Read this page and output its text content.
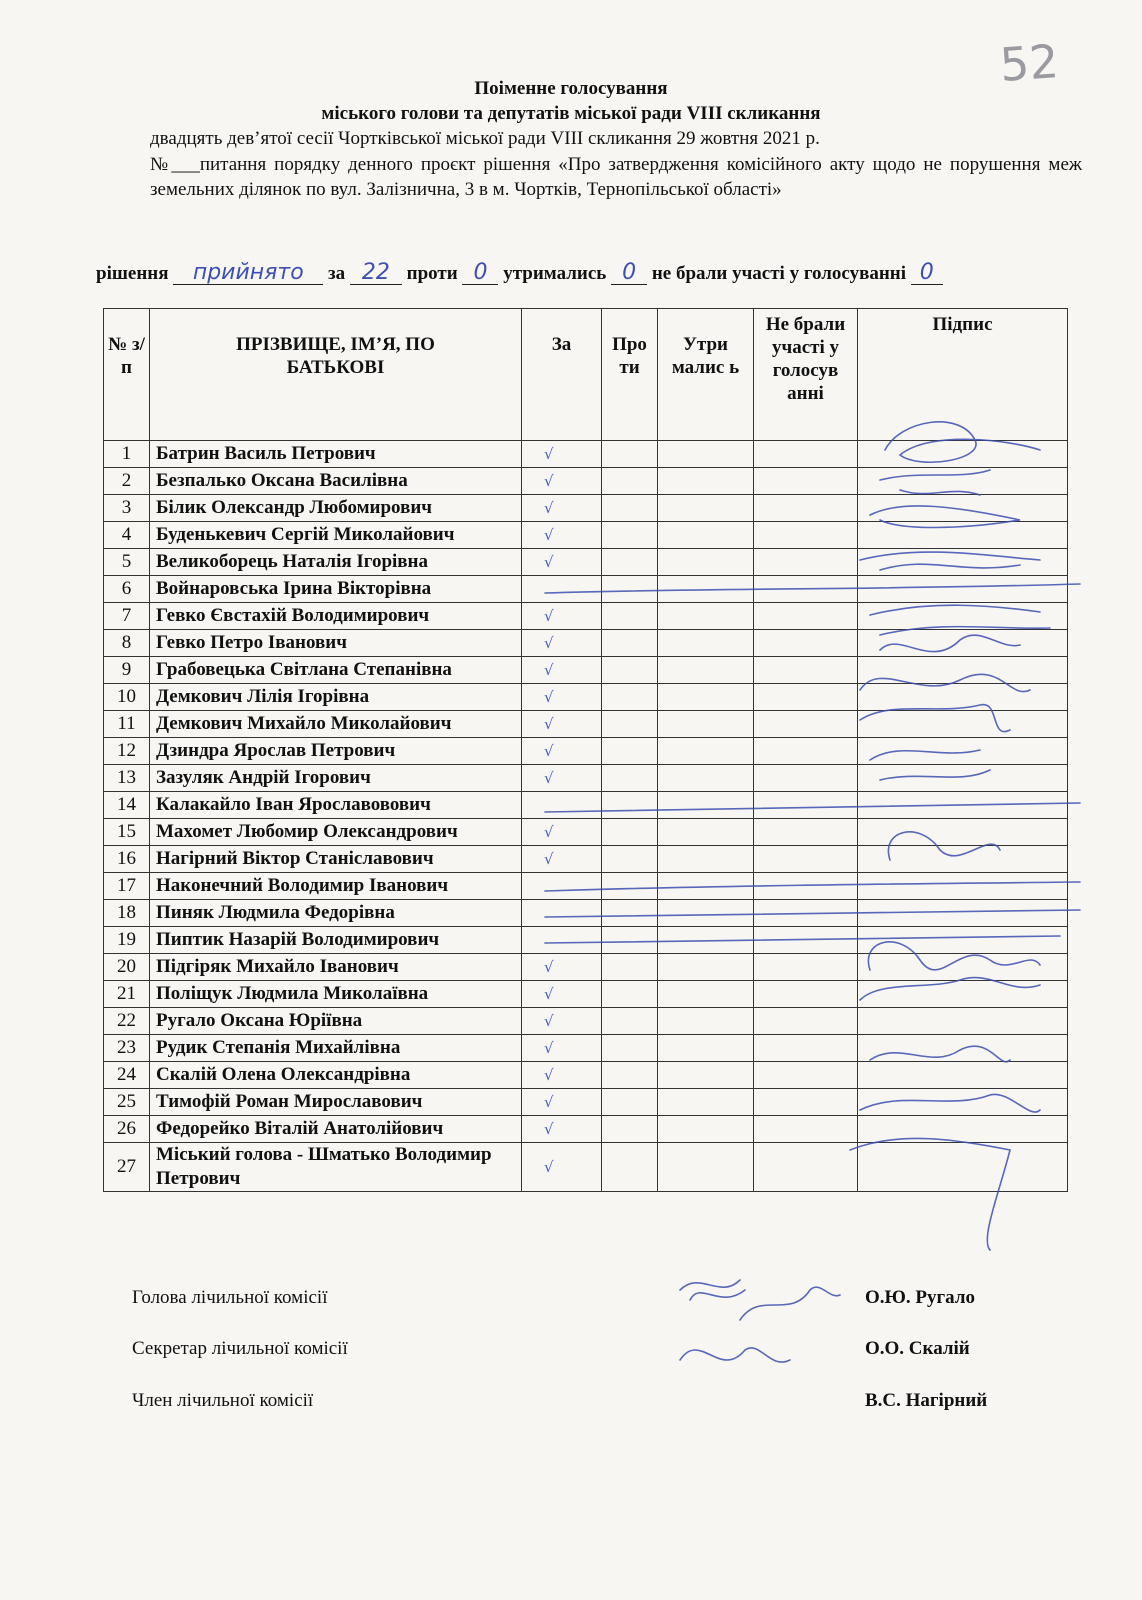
52
Поіменне голосування
міського голови та депутатів міської ради VIII скликання
двадцять дев’ятої сесії Чортківської міської ради VIII скликання 29 жовтня 2021 р.
№___питання порядку денного проєкт рішення «Про затвердження комісійного акту щодо не порушення меж земельних ділянок по вул. Залізнична, 3 в м. Чортків, Тернопільської області»
рішення прийнято за 22 проти 0 утримались 0 не брали участі у голосуванні 0
№ з/п	ПРІЗВИЩЕ, ІМ’Я, ПО БАТЬКОВІ	За	Про ти	Утри малис ь	Не брали участі у голосув анні	Підпис
1	Батрин Василь Петрович	√				
2	Безпалько Оксана Василівна	√				
3	Білик Олександр Любомирович	√				
4	Буденькевич Сергій Миколайович	√				
5	Великоборець Наталія Ігорівна	√				
6	Войнаровська Ірина Вікторівна					
7	Гевко Євстахій Володимирович	√				
8	Гевко Петро Іванович	√				
9	Грабовецька Світлана Степанівна	√				
10	Демкович Лілія Ігорівна	√				
11	Демкович Михайло Миколайович	√				
12	Дзиндра Ярослав Петрович	√				
13	Зазуляк Андрій Ігорович	√				
14	Калакайло Іван Ярославовович					
15	Махомет Любомир Олександрович	√				
16	Нагірний Віктор Станіславович	√				
17	Наконечний Володимир Іванович					
18	Пиняк Людмила Федорівна					
19	Пиптик Назарій Володимирович					
20	Підгіряк Михайло Іванович	√				
21	Поліщук Людмила Миколаївна	√				
22	Ругало Оксана Юріївна	√				
23	Рудик Степанія Михайлівна	√				
24	Скалій Олена Олександрівна	√				
25	Тимофій Роман Мирославович	√				
26	Федорейко Віталій Анатолійович	√				
27	Міський голова - Шматько Володимир Петрович	√				
Голова лічильної комісії	О.Ю. Ругало
Секретар лічильної комісії	О.О. Скалій
Член лічильної комісії	В.С. Нагірний
